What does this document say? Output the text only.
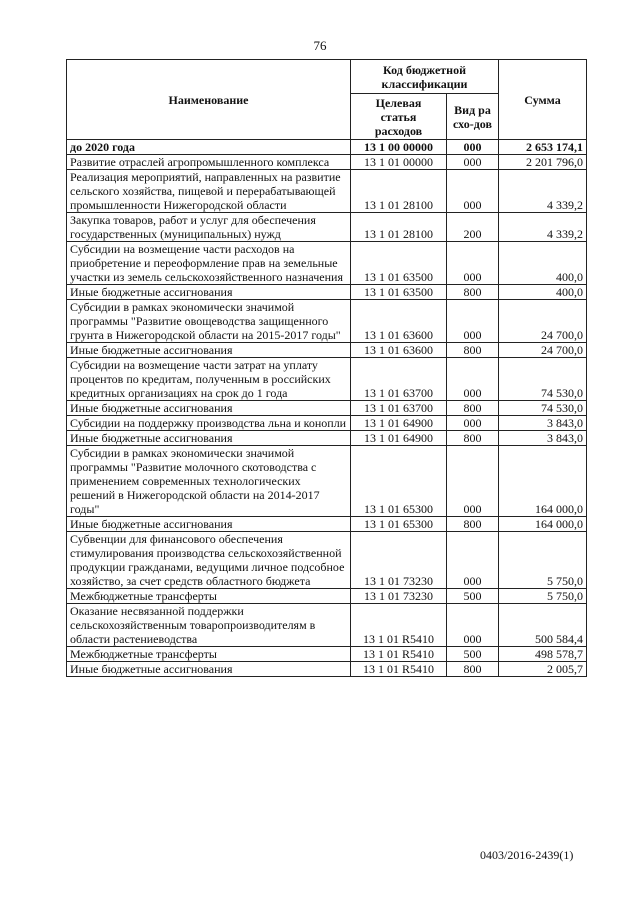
76
Наименование	Код бюджетной классификации		Сумма
	Целевая статья расходов	Вид расхо-дов	
до 2020 года	13 1 00 00000	000	2 653 174,1
Развитие отраслей агропромышленного комплекса	13 1 01 00000	000	2 201 796,0
Реализация мероприятий, направленных на развитие сельского хозяйства, пищевой и перерабатывающей промышленности Нижегородской области	13 1 01 28100	000	4 339,2
Закупка товаров, работ и услуг для обеспечения государственных (муниципальных) нужд	13 1 01 28100	200	4 339,2
Субсидии на возмещение части расходов на приобретение и переоформление прав на земельные участки из земель сельскохозяйственного назначения	13 1 01 63500	000	400,0
Иные бюджетные ассигнования	13 1 01 63500	800	400,0
Субсидии в рамках экономически значимой программы "Развитие овощеводства защищенного грунта в Нижегородской области на 2015-2017 годы"	13 1 01 63600	000	24 700,0
Иные бюджетные ассигнования	13 1 01 63600	800	24 700,0
Субсидии на возмещение части затрат на уплату процентов по кредитам, полученным в российских кредитных организациях на срок до 1 года	13 1 01 63700	000	74 530,0
Иные бюджетные ассигнования	13 1 01 63700	800	74 530,0
Субсидии на поддержку производства льна и конопли	13 1 01 64900	000	3 843,0
Иные бюджетные ассигнования	13 1 01 64900	800	3 843,0
Субсидии в рамках экономически значимой программы "Развитие молочного скотоводства с применением современных технологических решений в Нижегородской области на 2014-2017 годы"	13 1 01 65300	000	164 000,0
Иные бюджетные ассигнования	13 1 01 65300	800	164 000,0
Субвенции для финансового обеспечения стимулирования производства сельскохозяйственной продукции гражданами, ведущими личное подсобное хозяйство, за счет средств областного бюджета	13 1 01 73230	000	5 750,0
Межбюджетные трансферты	13 1 01 73230	500	5 750,0
Оказание несвязанной поддержки сельскохозяйственным товаропроизводителям в области растениеводства	13 1 01 R5410	000	500 584,4
Межбюджетные трансферты	13 1 01 R5410	500	498 578,7
Иные бюджетные ассигнования	13 1 01 R5410	800	2 005,7
0403/2016-2439(1)
